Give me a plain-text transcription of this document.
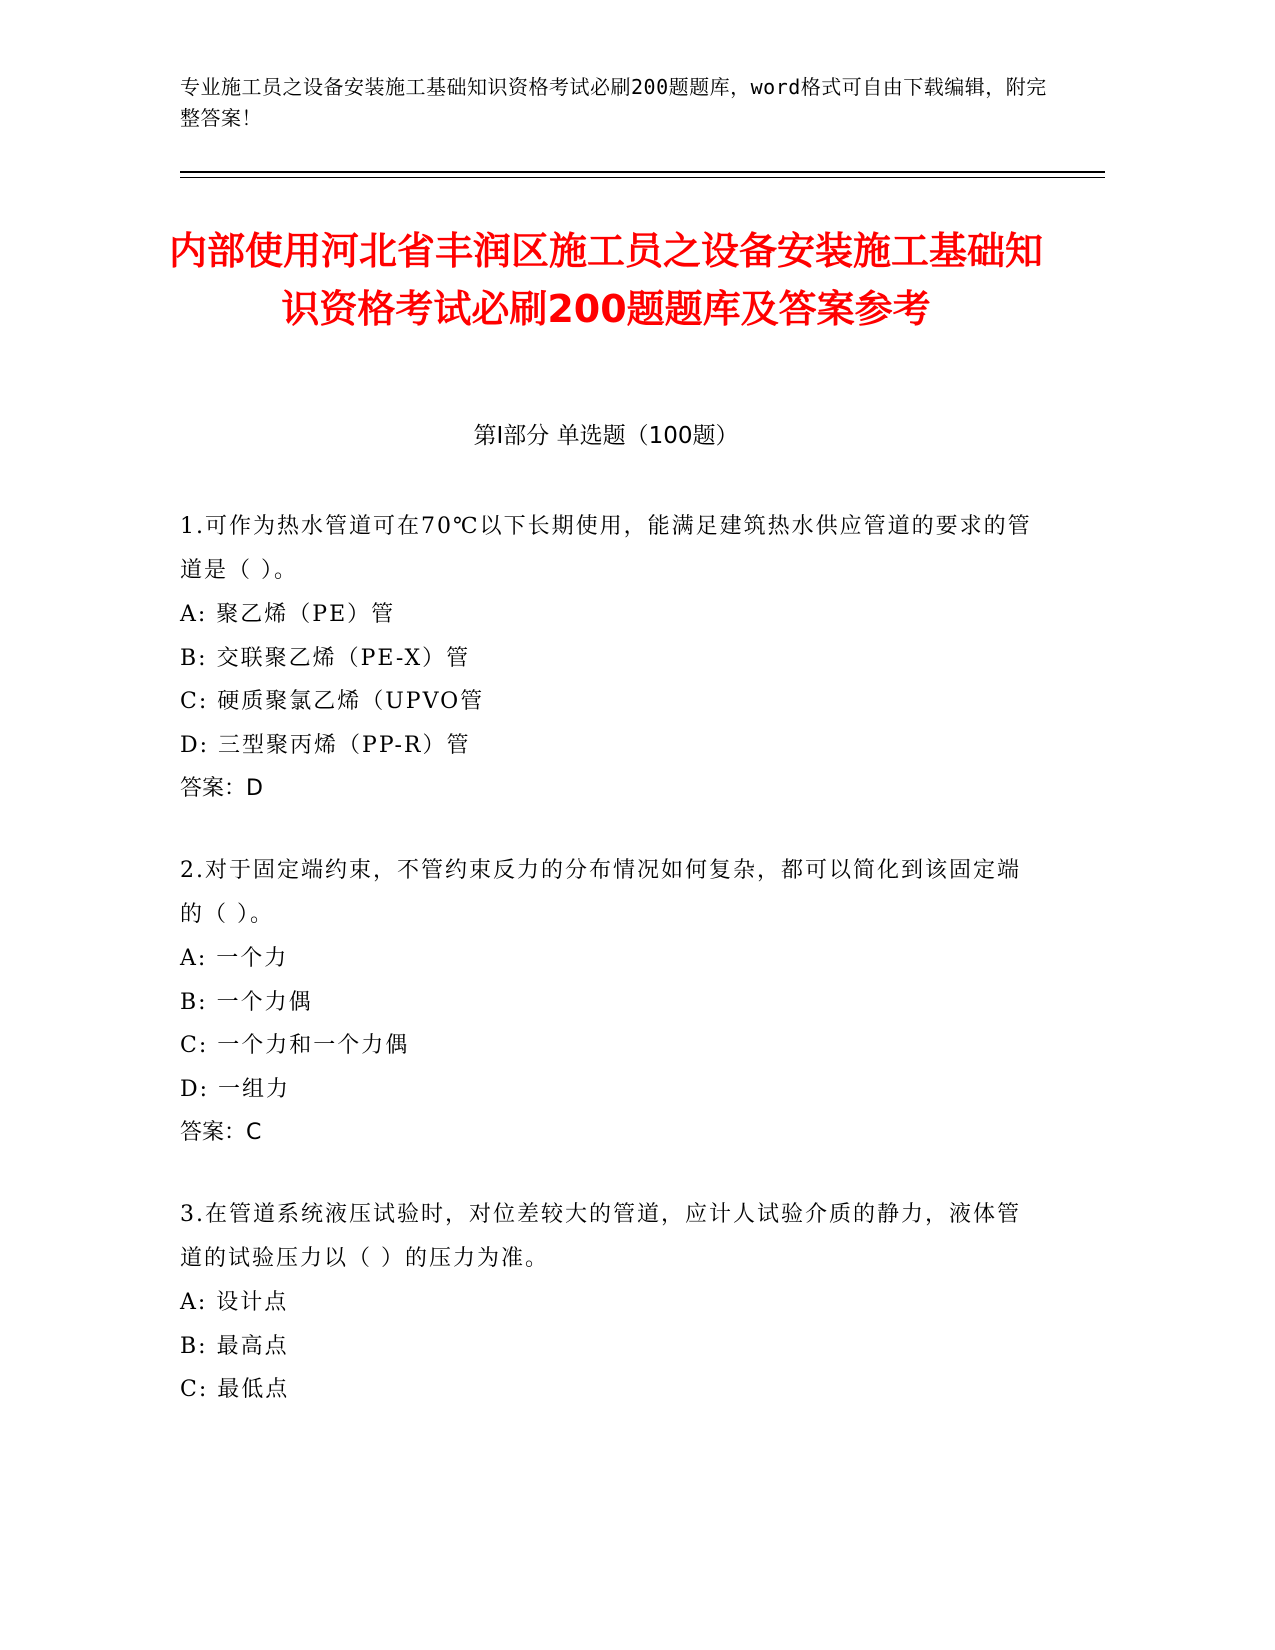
专业施工员之设备安装施工基础知识资格考试必刷200题题库，word格式可自由下载编辑，附完整答案！
内部使用河北省丰润区施工员之设备安装施工基础知识资格考试必刷200题题库及答案参考
第Ⅰ部分 单选题（100题）

1.可作为热水管道可在70℃以下长期使用，能满足建筑热水供应管道的要求的管道是（ ）。

A: 聚乙烯（PE）管
B: 交联聚乙烯（PE-X）管
C: 硬质聚氯乙烯（UPVO管
D: 三型聚丙烯（PP-R）管
答案：D

2.对于固定端约束，不管约束反力的分布情况如何复杂，都可以简化到该固定端的（ ）。

A: 一个力
B: 一个力偶
C: 一个力和一个力偶
D: 一组力
答案：C

3.在管道系统液压试验时，对位差较大的管道，应计人试验介质的静力，液体管道的试验压力以（ ）的压力为准。

A: 设计点
B: 最高点
C: 最低点
